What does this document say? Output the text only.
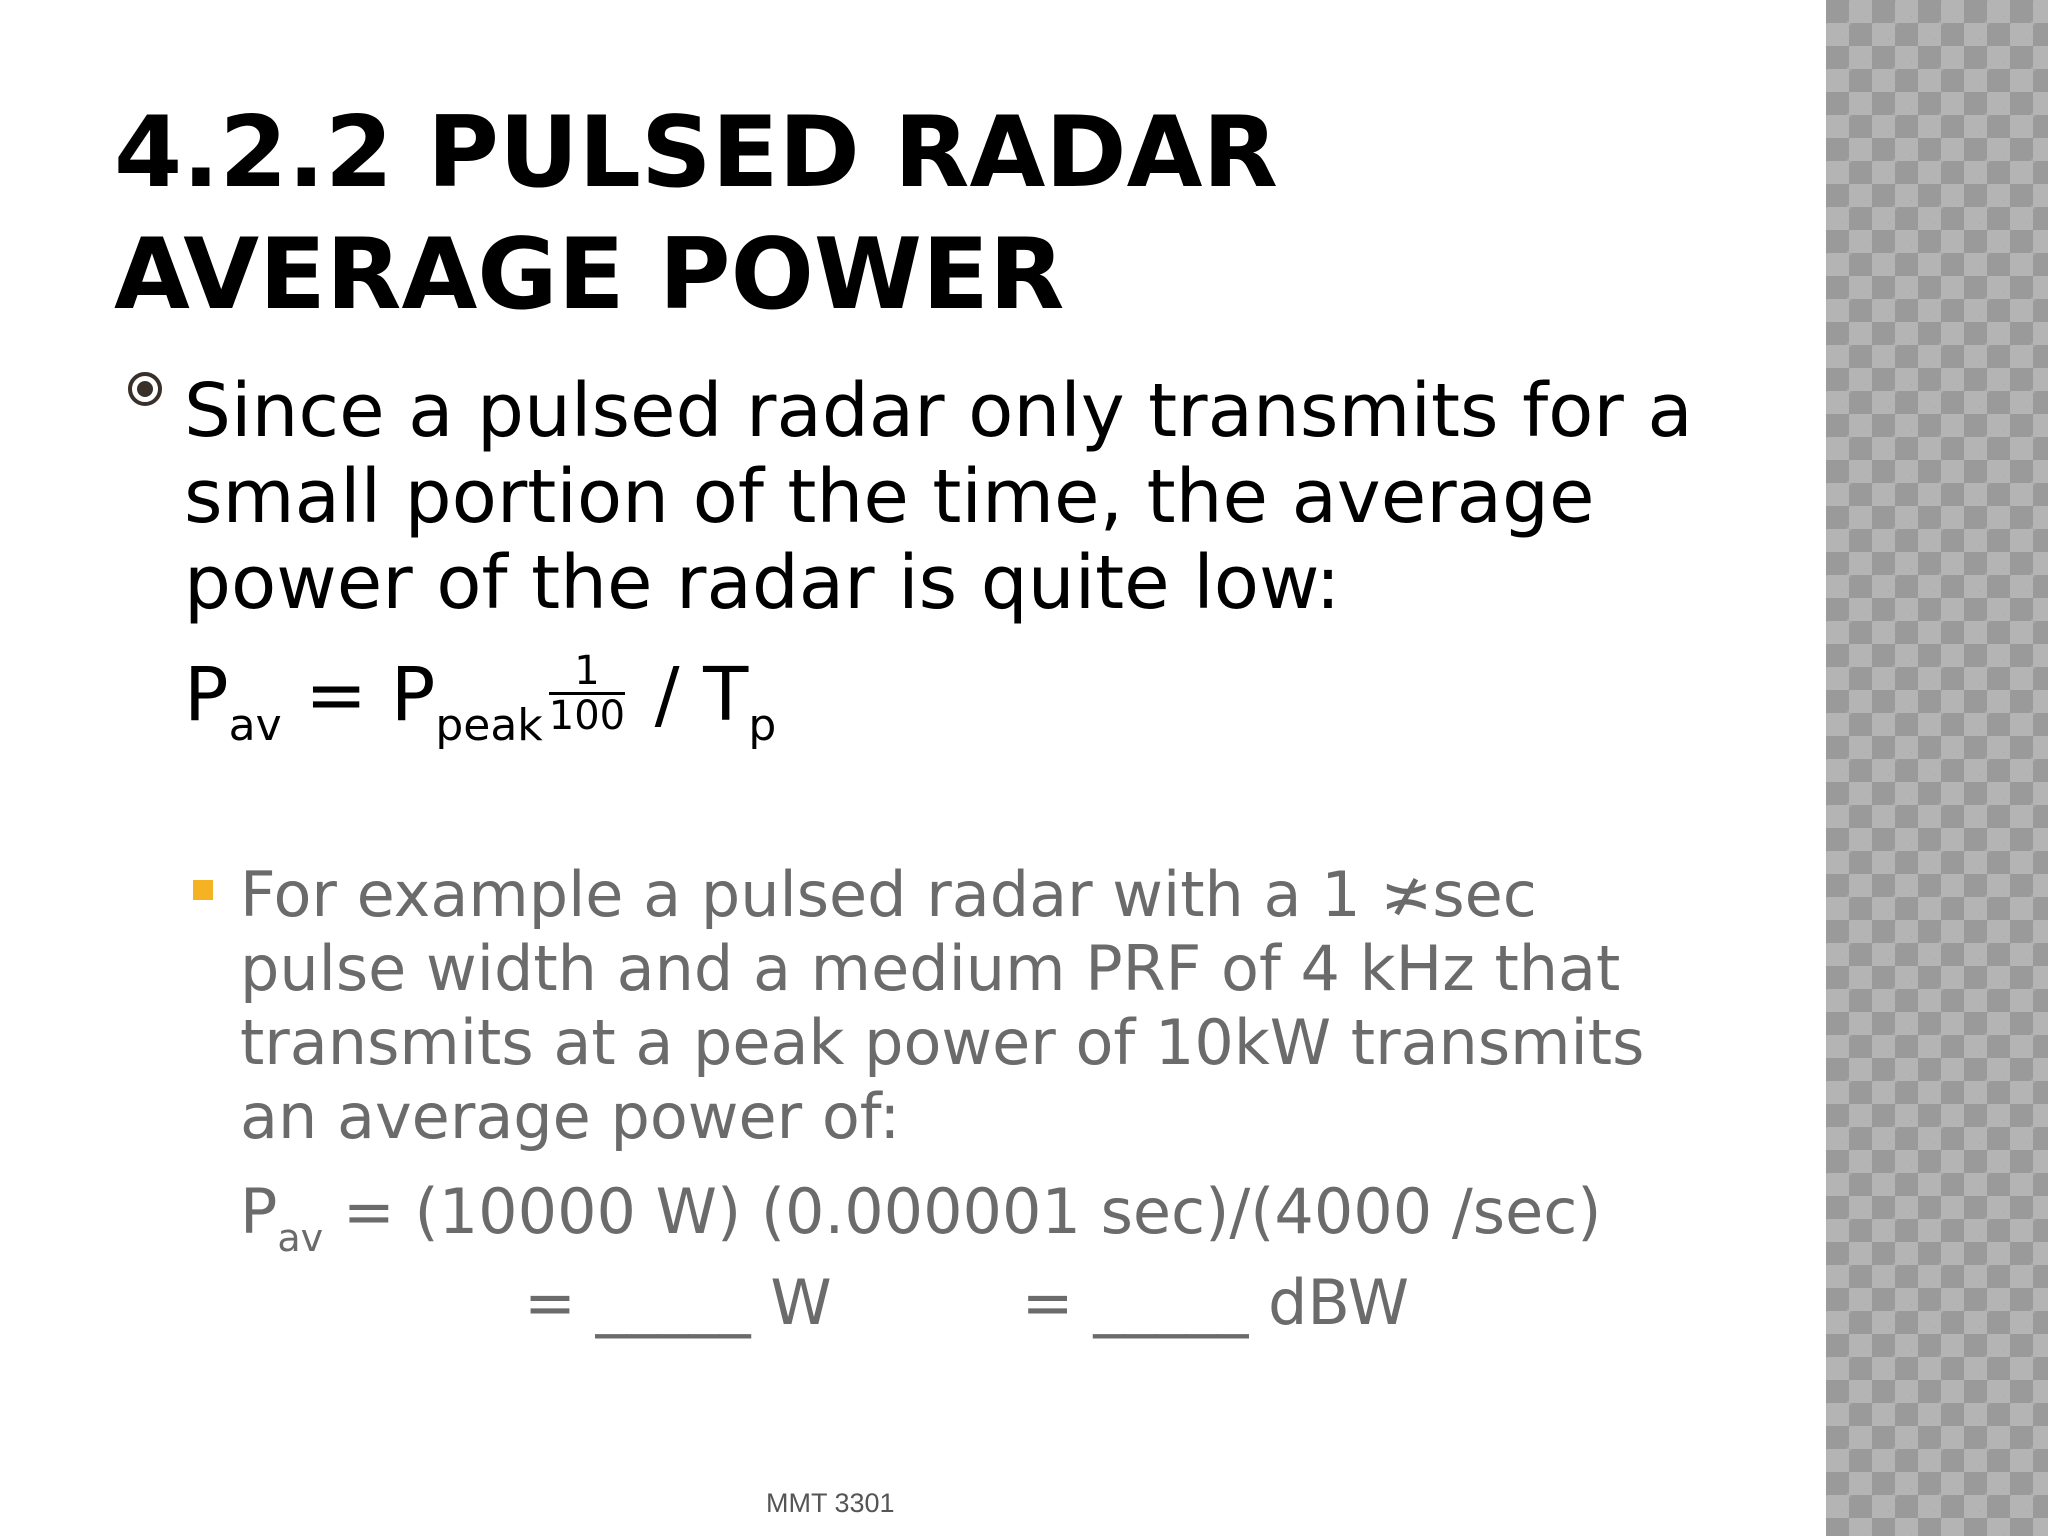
4.2.2 PULSED RADAR AVERAGE POWER
Since a pulsed radar only transmits for a small portion of the time, the average power of the radar is quite low:
$P_{av} = P_{peak} \frac{1}{100} / T_p$
For example a pulsed radar with a 1 ≭sec pulse width and a medium PRF of 4 kHz that transmits at a peak power of 10kW transmits an average power of:
$P_{av} = (10000$ W) (0.000001 sec)/(4000 /sec)
= _____ W	= _____ dBW
MMT 3301
